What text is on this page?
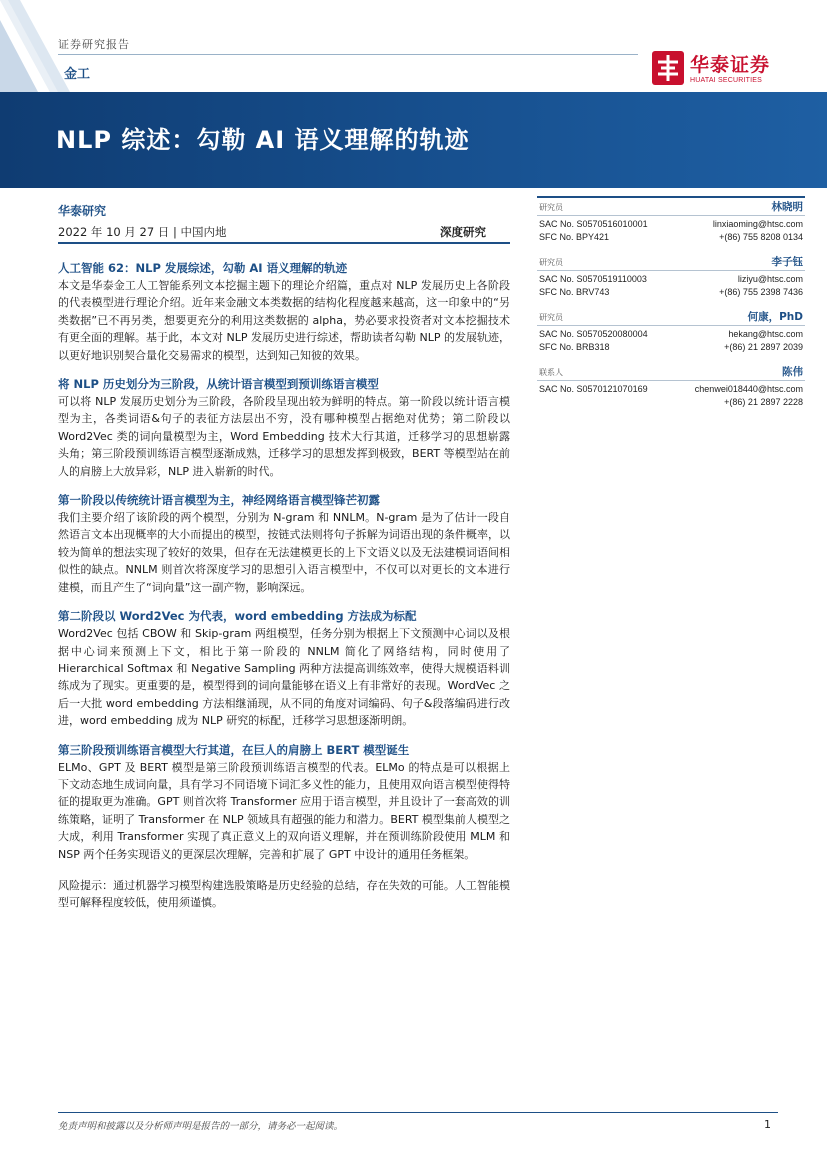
证券研究报告
金工	华泰证券
HUATAI SECURITIES
NLP 综述：勾勒 AI 语义理解的轨迹
华泰研究
2022 年 10 月 27 日 | 中国内地	深度研究
人工智能 62：NLP 发展综述，勾勒 AI 语义理解的轨迹
本文是华泰金工人工智能系列文本挖掘主题下的理论介绍篇，重点对 NLP 发展历史上各阶段的代表模型进行理论介绍。近年来金融文本类数据的结构化程度越来越高，这一印象中的“另类数据”已不再另类，想要更充分的利用这类数据的 alpha，势必要求投资者对文本挖掘技术有更全面的理解。基于此，本文对 NLP 发展历史进行综述，帮助读者勾勒 NLP 的发展轨迹，以更好地识别契合量化交易需求的模型，达到知己知彼的效果。
将 NLP 历史划分为三阶段，从统计语言模型到预训练语言模型
可以将 NLP 发展历史划分为三阶段，各阶段呈现出较为鲜明的特点。第一阶段以统计语言模型为主，各类词语&句子的表征方法层出不穷，没有哪种模型占据绝对优势；第二阶段以 Word2Vec 类的词向量模型为主，Word Embedding 技术大行其道，迁移学习的思想崭露头角；第三阶段预训练语言模型逐渐成熟，迁移学习的思想发挥到极致，BERT 等模型站在前人的肩膀上大放异彩，NLP 进入崭新的时代。
第一阶段以传统统计语言模型为主，神经网络语言模型锋芒初露
我们主要介绍了该阶段的两个模型，分别为 N-gram 和 NNLM。N-gram 是为了估计一段自然语言文本出现概率的大小而提出的模型，按链式法则将句子拆解为词语出现的条件概率，以较为简单的想法实现了较好的效果，但存在无法建模更长的上下文语义以及无法建模词语间相似性的缺点。NNLM 则首次将深度学习的思想引入语言模型中，不仅可以对更长的文本进行建模，而且产生了“词向量”这一副产物，影响深远。
第二阶段以 Word2Vec 为代表，word embedding 方法成为标配
Word2Vec 包括 CBOW 和 Skip-gram 两组模型，任务分别为根据上下文预测中心词以及根据中心词来预测上下文，相比于第一阶段的 NNLM 简化了网络结构，同时使用了 Hierarchical Softmax 和 Negative Sampling 两种方法提高训练效率，使得大规模语料训练成为了现实。更重要的是，模型得到的词向量能够在语义上有非常好的表现。WordVec 之后一大批 word embedding 方法相继涌现，从不同的角度对词编码、句子&段落编码进行改进，word embedding 成为 NLP 研究的标配，迁移学习思想逐渐明朗。
第三阶段预训练语言模型大行其道，在巨人的肩膀上 BERT 模型诞生
ELMo、GPT 及 BERT 模型是第三阶段预训练语言模型的代表。ELMo 的特点是可以根据上下文动态地生成词向量，具有学习不同语境下词汇多义性的能力，且使用双向语言模型使得特征的提取更为准确。GPT 则首次将 Transformer 应用于语言模型，并且设计了一套高效的训练策略，证明了 Transformer 在 NLP 领域具有超强的能力和潜力。BERT 模型集前人模型之大成，利用 Transformer 实现了真正意义上的双向语义理解，并在预训练阶段使用 MLM 和 NSP 两个任务实现语义的更深层次理解，完善和扩展了 GPT 中设计的通用任务框架。
风险提示：通过机器学习模型构建选股策略是历史经验的总结，存在失效的可能。人工智能模型可解释程度较低，使用须谨慎。
研究员	林晓明
SAC No. S0570516010001	linxiaoming@htsc.com
SFC No. BPY421	+(86) 755 8208 0134
研究员	李子钰
SAC No. S0570519110003	liziyu@htsc.com
SFC No. BRV743	+(86) 755 2398 7436
研究员	何康，PhD
SAC No. S0570520080004	hekang@htsc.com
SFC No. BRB318	+(86) 21 2897 2039
联系人	陈伟
SAC No. S0570121070169	chenwei018440@htsc.com
+(86) 21 2897 2228
免责声明和披露以及分析师声明是报告的一部分，请务必一起阅读。	1
